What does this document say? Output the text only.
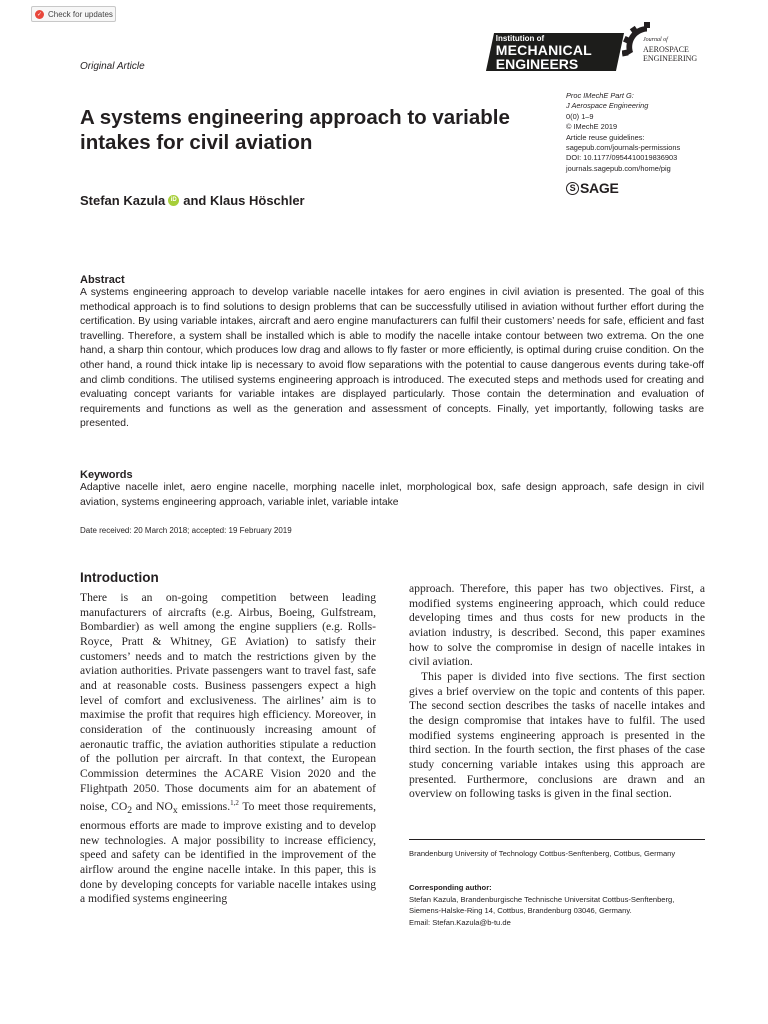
✓ Check for updates
Original Article
Institution of
MECHANICAL
ENGINEERS
Journal of
AEROSPACE
ENGINEERING
Proc IMechE Part G:
J Aerospace Engineering
0(0) 1–9
© IMechE 2019
Article reuse guidelines:
sagepub.com/journals-permissions
DOI: 10.1177/0954410019836903
journals.sagepub.com/home/pig
S SAGE
A systems engineering approach to variable intakes for civil aviation
Stefan Kazula iD and Klaus Höschler

Abstract

A systems engineering approach to develop variable nacelle intakes for aero engines in civil aviation is presented. The goal of this methodical approach is to find solutions to design problems that can be successfully utilised in aviation without further effort during the certification. By using variable intakes, aircraft and aero engine manufacturers can fulfil their customers’ needs for safe, efficient and fast travelling. Therefore, a system shall be installed which is able to modify the nacelle intake contour between two extrema. On the one hand, a sharp thin contour, which produces low drag and allows to fly faster or more efficiently, is optimal during cruise condition. On the other hand, a round thick intake lip is necessary to avoid flow separations with the potential to cause dangerous events during take-off and climb conditions. The utilised systems engineering approach is introduced. The executed steps and methods used for creating and evaluating concept variants for variable intakes are displayed particularly. Those contain the determination and evaluation of requirements and functions as well as the generation and assessment of concepts. Finally, yet importantly, following tasks are presented.

Keywords

Adaptive nacelle inlet, aero engine nacelle, morphing nacelle inlet, morphological box, safe design approach, safe design in civil aviation, systems engineering approach, variable inlet, variable intake

Date received: 20 March 2018; accepted: 19 February 2019
Introduction

There is an on-going competition between leading manufacturers of aircrafts (e.g. Airbus, Boeing, Gulfstream, Bombardier) as well among the engine suppliers (e.g. Rolls-Royce, Pratt & Whitney, GE Aviation) to satisfy their customers’ needs and to match the restrictions given by the aviation authorities. Private passengers want to travel fast, safe and at reasonable costs. Business passengers expect a high level of comfort and exclusiveness. The airlines’ aim is to maximise the profit that requires high efficiency. Moreover, in consideration of the continuously increasing amount of aeronautic traffic, the aviation authorities stipulate a reduction of the pollution per aircraft. In that context, the European Commission determines the ACARE Vision 2020 and the Flightpath 2050. Those documents aim for an abatement of noise, $CO_2$ and $NO_x$ emissions.$^{1,2}$ To meet those requirements, enormous efforts are made to improve existing and to develop new technologies. A major possibility to increase efficiency, speed and safety can be identified in the improvement of the airflow around the engine nacelle intake. In this paper, this is done by developing concepts for variable nacelle intakes using a modified systems engineering

approach. Therefore, this paper has two objectives. First, a modified systems engineering approach, which could reduce developing times and thus costs for new products in the aviation industry, is described. Second, this paper examines how to solve the compromise in design of nacelle intakes in civil aviation.

This paper is divided into five sections. The first section gives a brief overview on the topic and contents of this paper. The second section describes the tasks of nacelle intakes and the design compromise that intakes have to fulfil. The used modified systems engineering approach is presented in the third section. In the fourth section, the first phases of the case study concerning variable intakes using this approach are presented. Furthermore, conclusions are drawn and an overview on following tasks is given in the final section.

Brandenburg University of Technology Cottbus-Senftenberg, Cottbus, Germany
Corresponding author:
Stefan Kazula, Brandenburgische Technische Universitat Cottbus-Senftenberg, Siemens-Halske-Ring 14, Cottbus, Brandenburg 03046, Germany.
Email: Stefan.Kazula@b-tu.de
